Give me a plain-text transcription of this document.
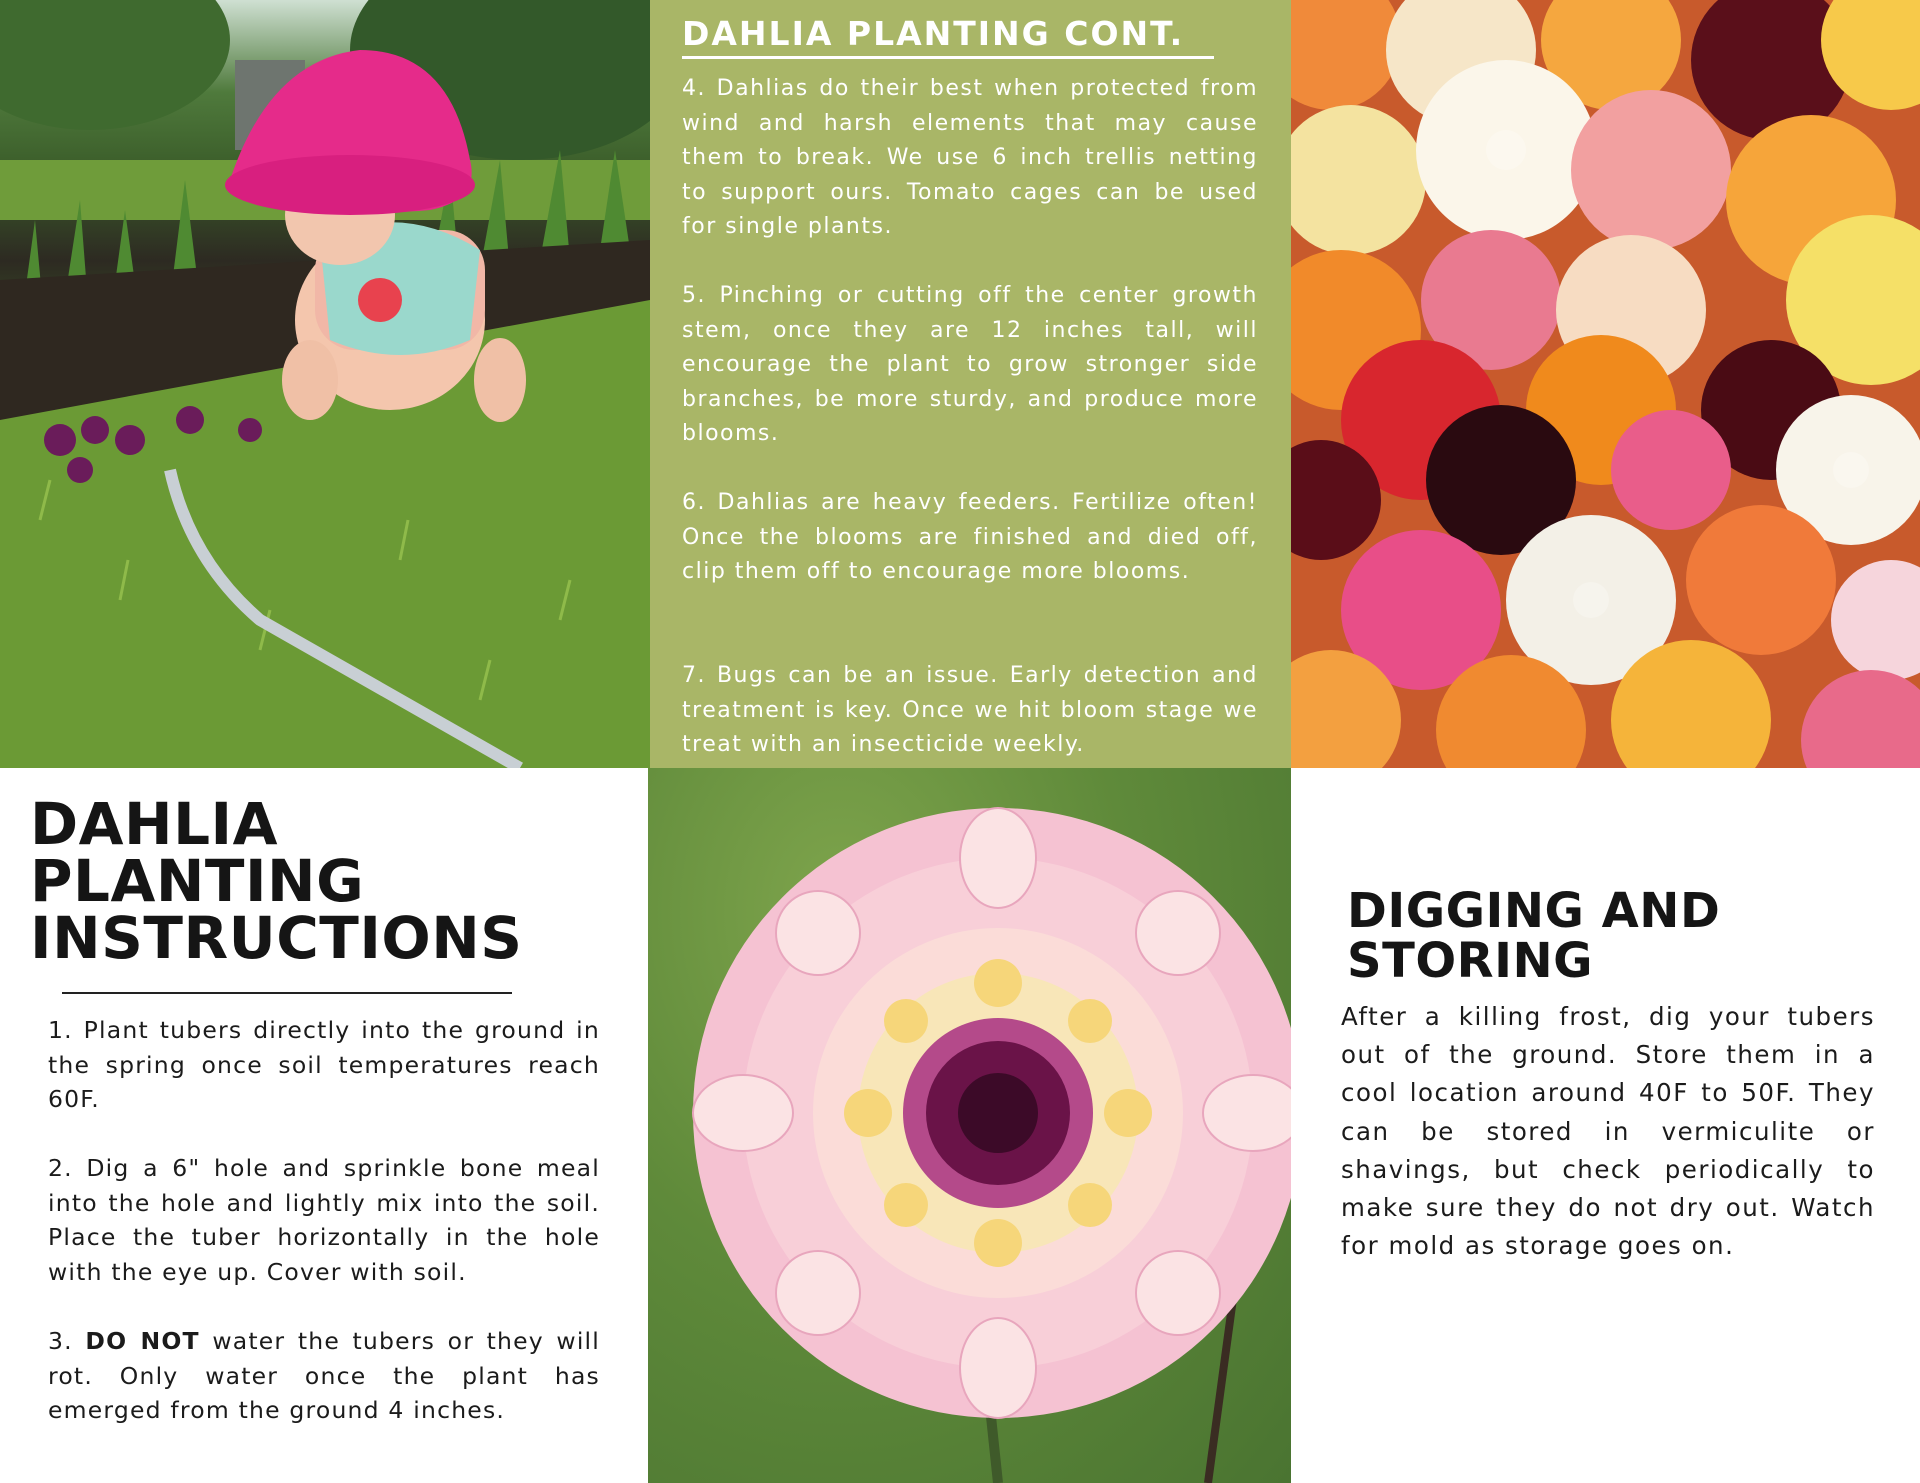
DAHLIA PLANTING CONT.

4. Dahlias do their best when protected from wind and harsh elements that may cause them to break. We use 6 inch trellis netting to support ours. Tomato cages can be used for single plants.

5. Pinching or cutting off the center growth stem, once they are 12 inches tall, will encourage the plant to grow stronger side branches, be more sturdy, and produce more blooms.

6. Dahlias are heavy feeders. Fertilize often! Once the blooms are finished and died off, clip them off to encourage more blooms.

7. Bugs can be an issue. Early detection and treatment is key. Once we hit bloom stage we treat with an insecticide weekly.

DAHLIA
PLANTING
INSTRUCTIONS

1. Plant tubers directly into the ground in the spring once soil temperatures reach 60F.

2. Dig a 6" hole and sprinkle bone meal into the hole and lightly mix into the soil. Place the tuber horizontally in the hole with the eye up. Cover with soil.

3. DO NOT water the tubers or they will rot. Only water once the plant has emerged from the ground 4 inches.

DIGGING AND
STORING

After a killing frost, dig your tubers out of the ground. Store them in a cool location around 40F to 50F. They can be stored in vermiculite or shavings, but check periodically to make sure they do not dry out. Watch for mold as storage goes on.
